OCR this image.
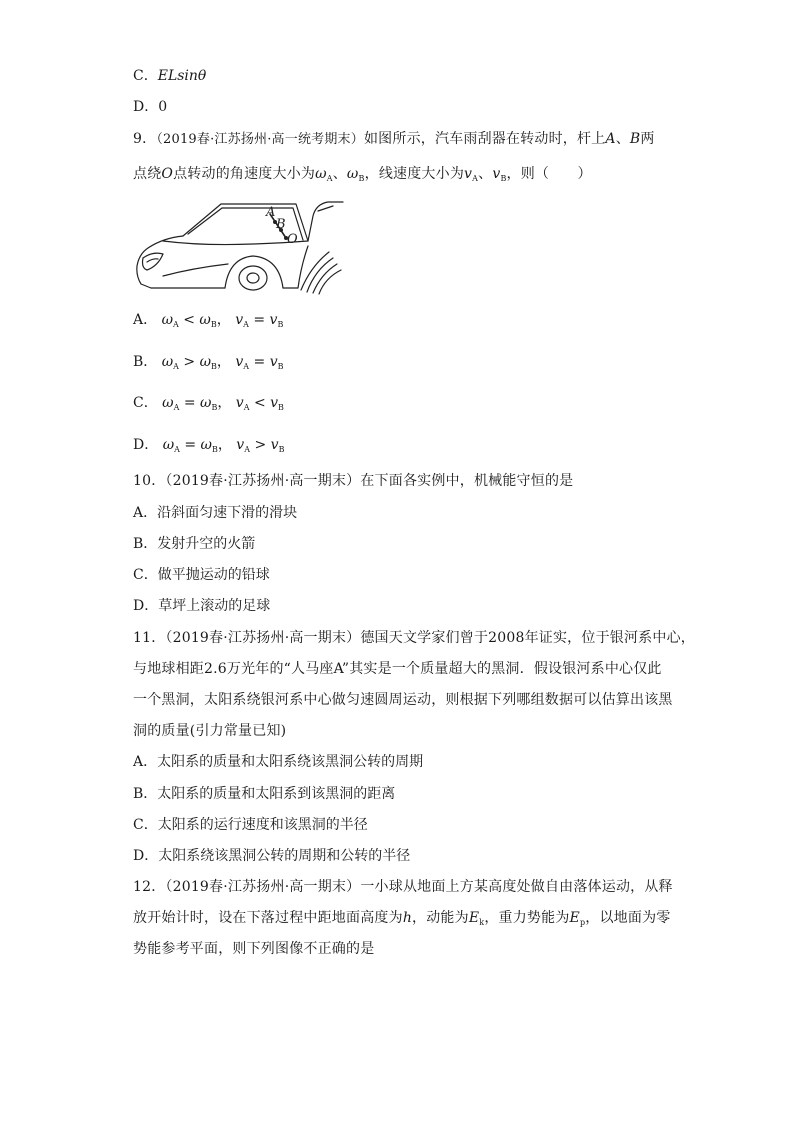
C．ELsinθ
D．0
9．（2019春·江苏扬州·高一统考期末）如图所示，汽车雨刮器在转动时，杆上A、B两
点绕O点转动的角速度大小为$\omega_A$、$\omega_B$，线速度大小为$v_A$、$v_B$，则（　　）
A
B
O
A． $\omega_A < \omega_B$， $v_A = v_B$
B． $\omega_A > \omega_B$， $v_A = v_B$
C． $\omega_A = \omega_B$， $v_A < v_B$
D． $\omega_A = \omega_B$， $v_A > v_B$
10．（2019春·江苏扬州·高一期末）在下面各实例中，机械能守恒的是
A．沿斜面匀速下滑的滑块
B．发射升空的火箭
C．做平抛运动的铅球
D．草坪上滚动的足球
11．（2019春·江苏扬州·高一期末）德国天文学家们曾于2008年证实，位于银河系中心，
与地球相距2.6万光年的“人马座A”其实是一个质量超大的黑洞．假设银河系中心仅此
一个黑洞，太阳系绕银河系中心做匀速圆周运动，则根据下列哪组数据可以估算出该黑
洞的质量(引力常量已知)
A．太阳系的质量和太阳系绕该黑洞公转的周期
B．太阳系的质量和太阳系到该黑洞的距离
C．太阳系的运行速度和该黑洞的半径
D．太阳系绕该黑洞公转的周期和公转的半径
12．（2019春·江苏扬州·高一期末）一小球从地面上方某高度处做自由落体运动，从释
放开始计时，设在下落过程中距地面高度为h，动能为$E_k$，重力势能为$E_p$，以地面为零
势能参考平面，则下列图像不正确的是
